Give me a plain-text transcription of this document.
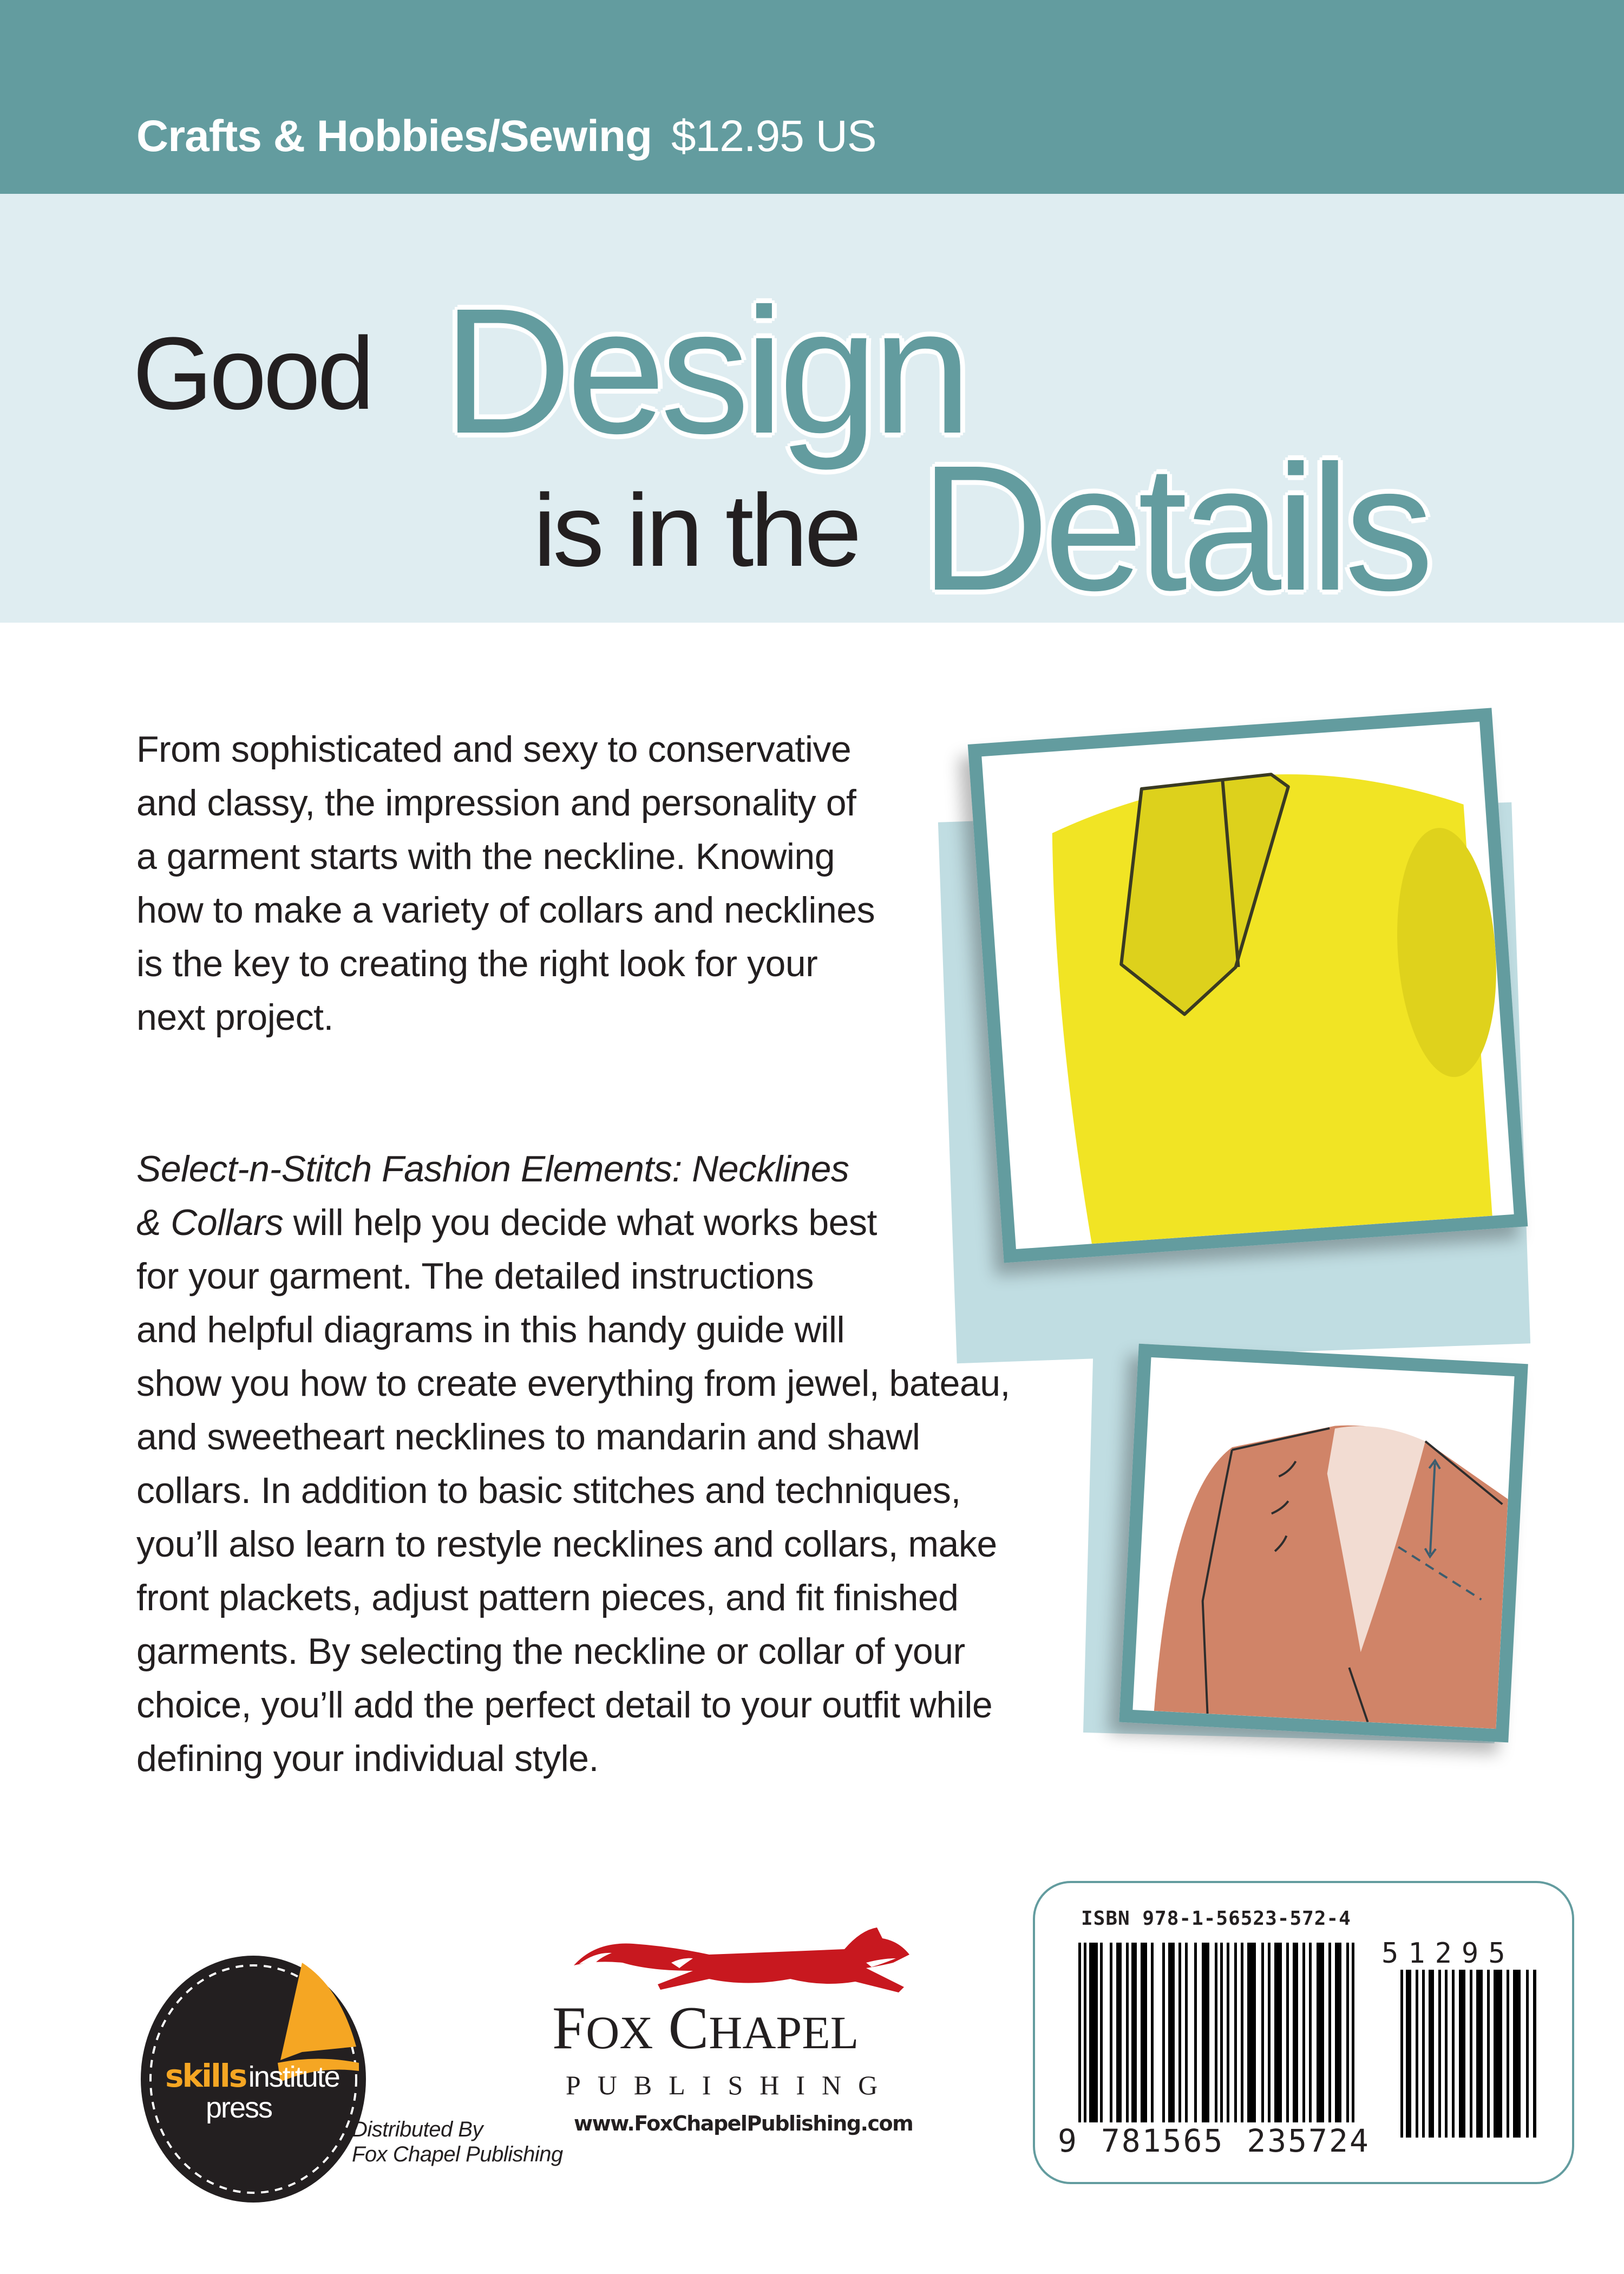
Crafts & Hobbies/Sewing $12.95 US
Good Design
is in the Details
From sophisticated and sexy to conservative
and classy, the impression and personality of
a garment starts with the neckline. Knowing
how to make a variety of collars and necklines
is the key to creating the right look for your
next project.
Select-n-Stitch Fashion Elements: Necklines
& Collars will help you decide what works best
for your garment. The detailed instructions
and helpful diagrams in this handy guide will
show you how to create everything from jewel, bateau,
and sweetheart necklines to mandarin and shawl
collars. In addition to basic stitches and techniques,
you’ll also learn to restyle necklines and collars, make
front plackets, adjust pattern pieces, and fit finished
garments. By selecting the neckline or collar of your
choice, you’ll add the perfect detail to your outfit while
defining your individual style.
ISBN 978-1-56523-572-4
51295
9 781565 235724
skills institute
press
Distributed By
Fox Chapel Publishing
FOX CHAPEL
PUBLISHING
www.FoxChapelPublishing.com
